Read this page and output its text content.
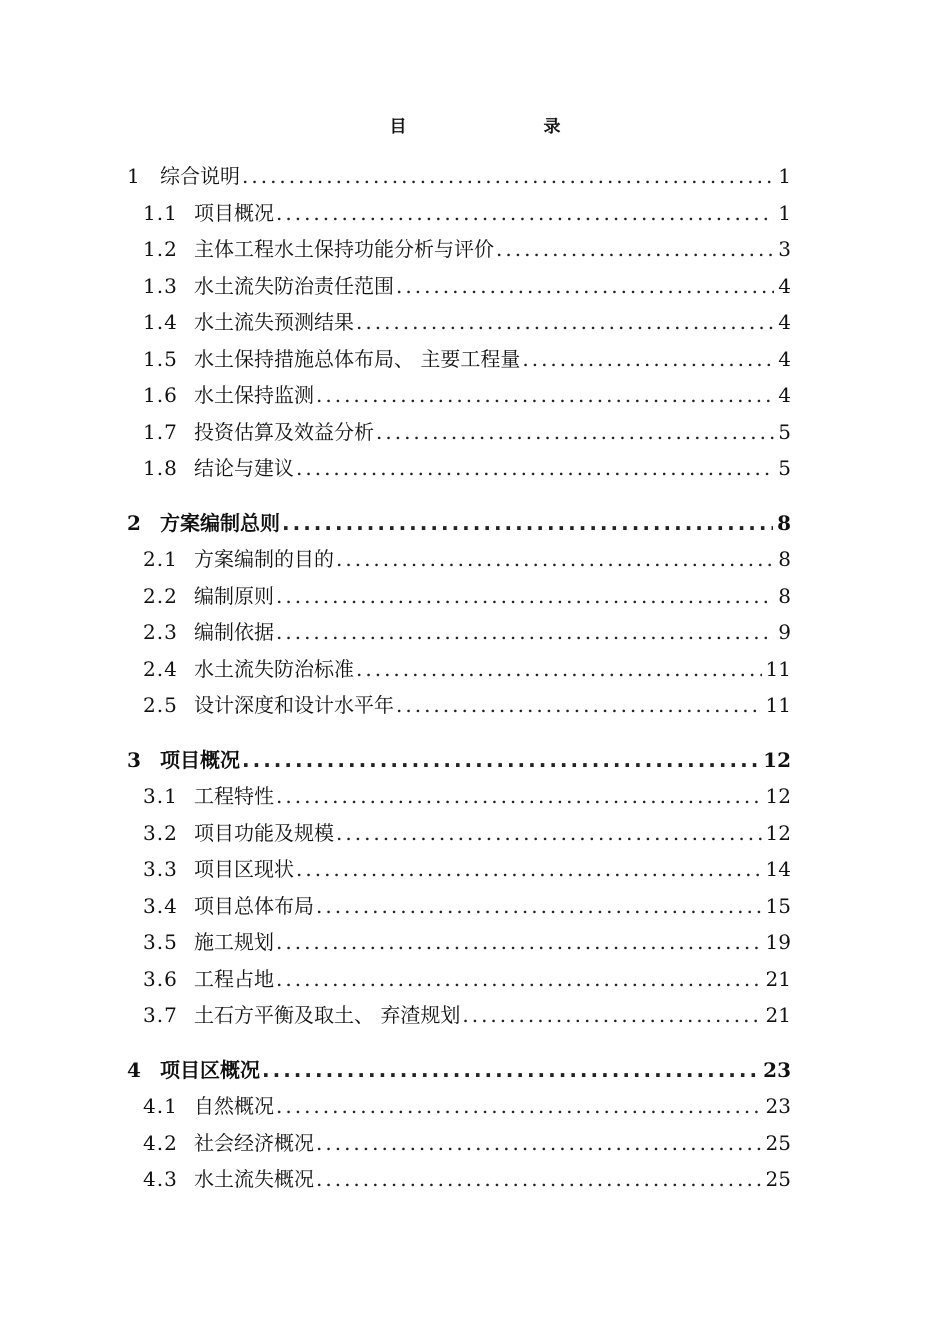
目　录
1 综合说明 .....	1
1.1 项目概况 .....	1
1.2 主体工程水土保持功能分析与评价 .....	3
1.3 水土流失防治责任范围 .....	4
1.4 水土流失预测结果 .....	4
1.5 水土保持措施总体布局、 主要工程量 .....	4
1.6 水土保持监测 .....	4
1.7 投资估算及效益分析 .....	5
1.8 结论与建议 .....	5
2 方案编制总则 .....	8
2.1 方案编制的目的 .....	8
2.2 编制原则 .....	8
2.3 编制依据 .....	9
2.4 水土流失防治标准 .....	11
2.5 设计深度和设计水平年 .....	11
3 项目概况 .....	12
3.1 工程特性 .....	12
3.2 项目功能及规模 .....	12
3.3 项目区现状 .....	14
3.4 项目总体布局 .....	15
3.5 施工规划 .....	19
3.6 工程占地 .....	21
3.7 土石方平衡及取土、 弃渣规划 .....	21
4 项目区概况 .....	23
4.1 自然概况 .....	23
4.2 社会经济概况 .....	25
4.3 水土流失概况 .....	25
